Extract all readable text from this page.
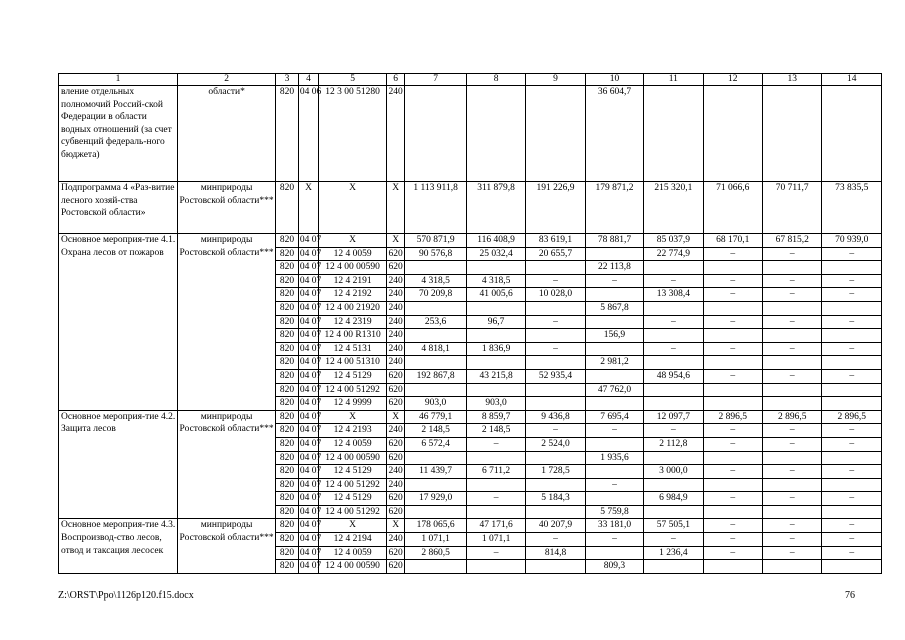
1	2	3	4	5	6	7	8	9	10	11	12	13	14
вление отдельных полномочий Россий-ской Федерации в области водных отношений (за счет субвенций федераль-ного бюджета)	области*	820	04 06	12 3 00 51280	240				36 604,7				
Подпрограмма 4 «Раз-витие лесного хозяй-ства Ростовской области»	минприроды Ростовской области***	820	X	X	X	1 113 911,8	311 879,8	191 226,9	179 871,2	215 320,1	71 066,6	70 711,7	73 835,5
Основное мероприя-тие 4.1. Охрана лесов от пожаров	минприроды Ростовской области***	820	04 07	X	X	570 871,9	116 408,9	83 619,1	78 881,7	85 037,9	68 170,1	67 815,2	70 939,0
		820	04 07	12 4 0059	620	90 576,8	25 032,4	20 655,7		22 774,9	–	–	–
		820	04 07	12 4 00 00590	620				22 113,8				
		820	04 07	12 4 2191	240	4 318,5	4 318,5	–	–	–	–	–	–
		820	04 07	12 4 2192	240	70 209,8	41 005,6	10 028,0		13 308,4	–	–	–
		820	04 07	12 4 00 21920	240				5 867,8				
		820	04 07	12 4 2319	240	253,6	96,7	–		–	–	–	–
		820	04 07	12 4 00 R1310	240				156,9				
		820	04 07	12 4 5131	240	4 818,1	1 836,9	–		–	–	–	–
		820	04 07	12 4 00 51310	240				2 981,2				
		820	04 07	12 4 5129	620	192 867,8	43 215,8	52 935,4		48 954,6	–	–	–
		820	04 07	12 4 00 51292	620				47 762,0				
		820	04 07	12 4 9999	620	903,0	903,0						
Основное мероприя-тие 4.2. Защита лесов	минприроды Ростовской области***	820	04 07	X	X	46 779,1	8 859,7	9 436,8	7 695,4	12 097,7	2 896,5	2 896,5	2 896,5
		820	04 07	12 4 2193	240	2 148,5	2 148,5	–	–	–	–	–	–
		820	04 07	12 4 0059	620	6 572,4	–	2 524,0		2 112,8	–	–	–
		820	04 07	12 4 00 00590	620				1 935,6				
		820	04 07	12 4 5129	240	11 439,7	6 711,2	1 728,5		3 000,0	–	–	–
		820	04 07	12 4 00 51292	240				–				
		820	04 07	12 4 5129	620	17 929,0	–	5 184,3		6 984,9	–	–	–
		820	04 07	12 4 00 51292	620				5 759,8				
Основное мероприя-тие 4.3. Воспроизвод-ство лесов, отвод и таксация лесосек	минприроды Ростовской области***	820	04 07	X	X	178 065,6	47 171,6	40 207,9	33 181,0	57 505,1	–	–	–
		820	04 07	12 4 2194	240	1 071,1	1 071,1	–	–	–	–	–	–
		820	04 07	12 4 0059	620	2 860,5	–	814,8		1 236,4	–	–	–
		820	04 07	12 4 00 00590	620				809,3				
Z:\ORST\Ppo\1126p120.f15.docx	76
